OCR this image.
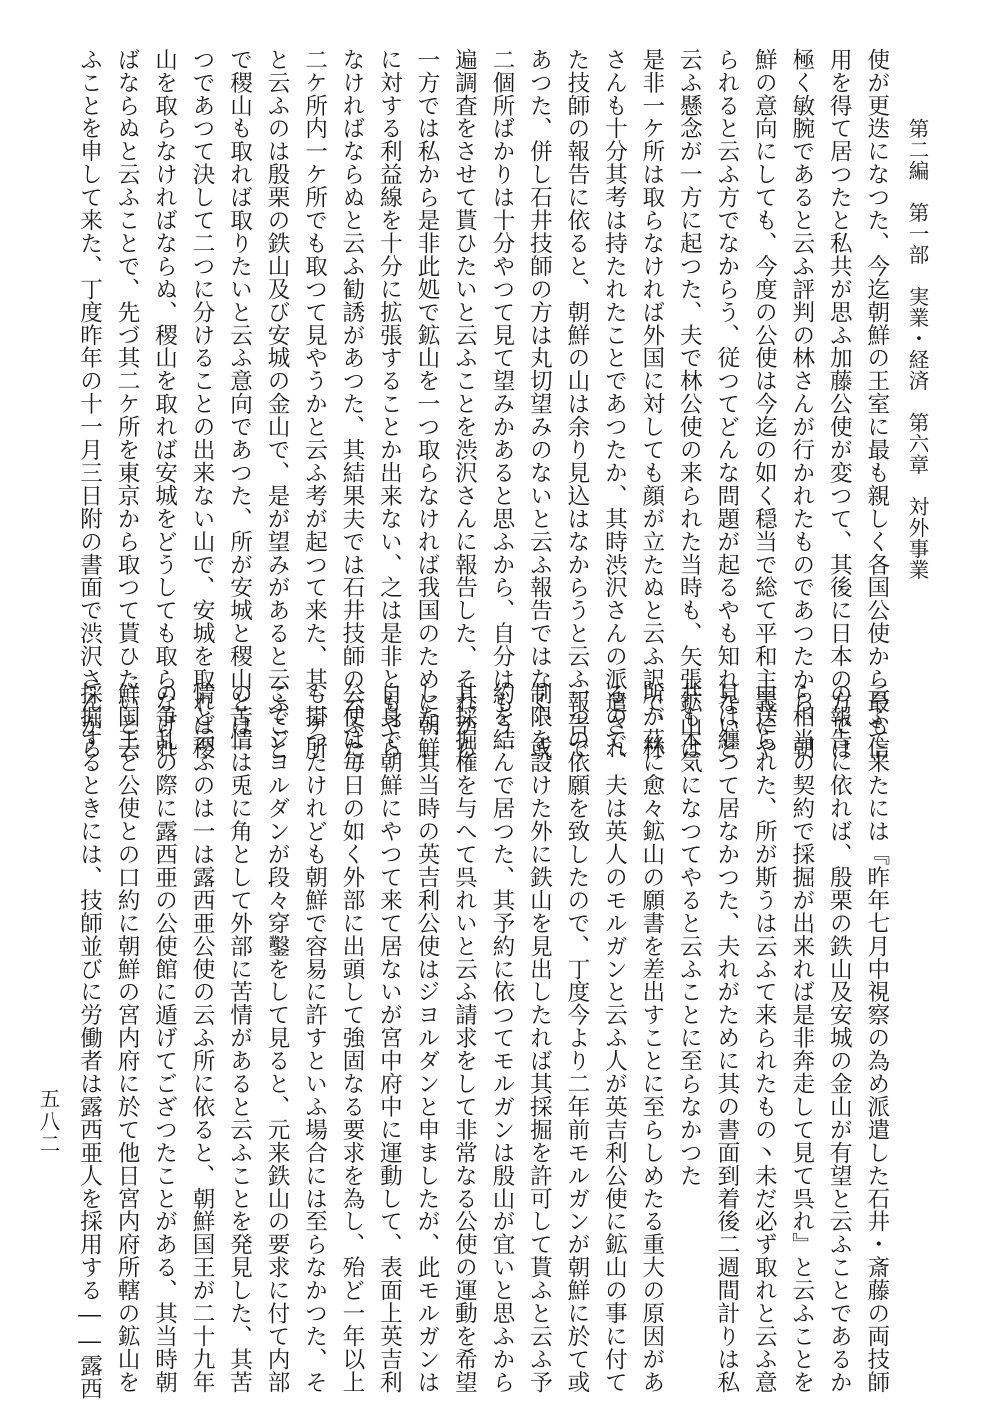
第二編　第一部　実業・経済　第六章　対外事業
五八二
使が更迭になつた、今迄朝鮮の王室に最も親しく各国公使から最も信
用を得て居つたと私共が思ふ加藤公使が変つて、其後に日本の方では
極く敏腕であると云ふ評判の林さんが行かれたものであつたから、朝
鮮の意向にしても、今度の公使は今迄の如く穏当で総て平和主義にや
られると云ふ方でなからう、従つてどんな問題が起るやも知れないと
云ふ懸念が一方に起つた、夫で林公使の来られた当時も、矢張鉱山は
是非一ケ所は取らなければ外国に対しても顔が立たぬと云ふ訳で、林
さんも十分其考は持たれたことであつたか、其時渋沢さんの派遣され
た技師の報告に依ると、朝鮮の山は余り見込はなからうと云ふ報告で
あつた、併し石井技師の方は丸切望みのないと云ふ報告ではなく、或
二個所ばかりは十分やつて見て望みかあると思ふから、自分はもう一
遍調査をさせて貰ひたいと云ふことを渋沢さんに報告した、それから
一方では私から是非此処で鉱山を一つ取らなければ我国のために朝鮮
に対する利益線を十分に拡張することか出来ない、之は是非ともやら
なければならぬと云ふ勧誘があつた、其結果夫では石井技師の云ふた
二ケ所内一ケ所でも取つて見やうかと云ふ考が起つて来た、其二ケ所
と云ふのは殷栗の鉄山及び安城の金山で、是が望みがあると云ふこと
で稷山も取れば取りたいと云ふ意向であつた、所が安城と稷山とは一
つであつて決して二つに分けることの出来ない山で、安城を取れば稷
山を取らなければならぬ、稷山を取れば安城をどうしても取らなけれ
ばならぬと云ふことで、先づ其二ケ所を東京から取つて貰ひたいと云
ふことを申して来た、丁度昨年の十一月三日附の書面で渋沢さんから
云ふて来たには『昨年七月中視察の為め派遣した石井・斎藤の両技師
の報告に依れば、殷栗の鉄山及安城の金山が有望と云ふことであるか
ら相当の契約で採掘が出来れば是非奔走して見て呉れ』と云ふことを
申送られた、所が斯うは云ふて来られたもの丶未だ必ず取れと云ふ意
見は纏つて居なかつた、夫れがために其の書面到着後二週間計りは私
共も本気になつてやると云ふことに至らなかつた
所が茲に愈々鉱山の願書を差出すことに至らしめたる重大の原因があ
るので、夫は英人のモルガンと云ふ人が英吉利公使に鉱山の事に付て
一つの依願を致したので、丁度今より二年前モルガンが朝鮮に於て或
制限を設けた外に鉄山を見出したれば其採掘を許可して貰ふと云ふ予
約を結んで居つた、其予約に依つてモルガンは殷山が宜いと思ふから
其採掘権を与へて呉れいと云ふ請求をして非常なる公使の運動を希望
した、其当時の英吉利公使はジヨルダンと申ましたが、此モルガンは
自身で朝鮮にやつて来て居ないが宮中府中に運動して、表面上英吉利
公使は毎日の如く外部に出頭して強固なる要求を為し、殆ど一年以上
も掛つたけれども朝鮮で容易に許すといふ場合には至らなかつた、そ
こでジヨルダンが段々穿鑿をして見ると、元来鉄山の要求に付て内部
の苦情は兎に角として外部に苦情があると云ふことを発見した、其苦
情と云ふのは一は露西亜公使の云ふ所に依ると、朝鮮国王が二十九年
の争乱の際に露西亜の公使館に遁げてござつたことがある、其当時朝
鮮国王と公使との口約に朝鮮の宮内府に於て他日宮内府所轄の鉱山を
採掘するときには、技師並びに労働者は露西亜人を採用する――露西
